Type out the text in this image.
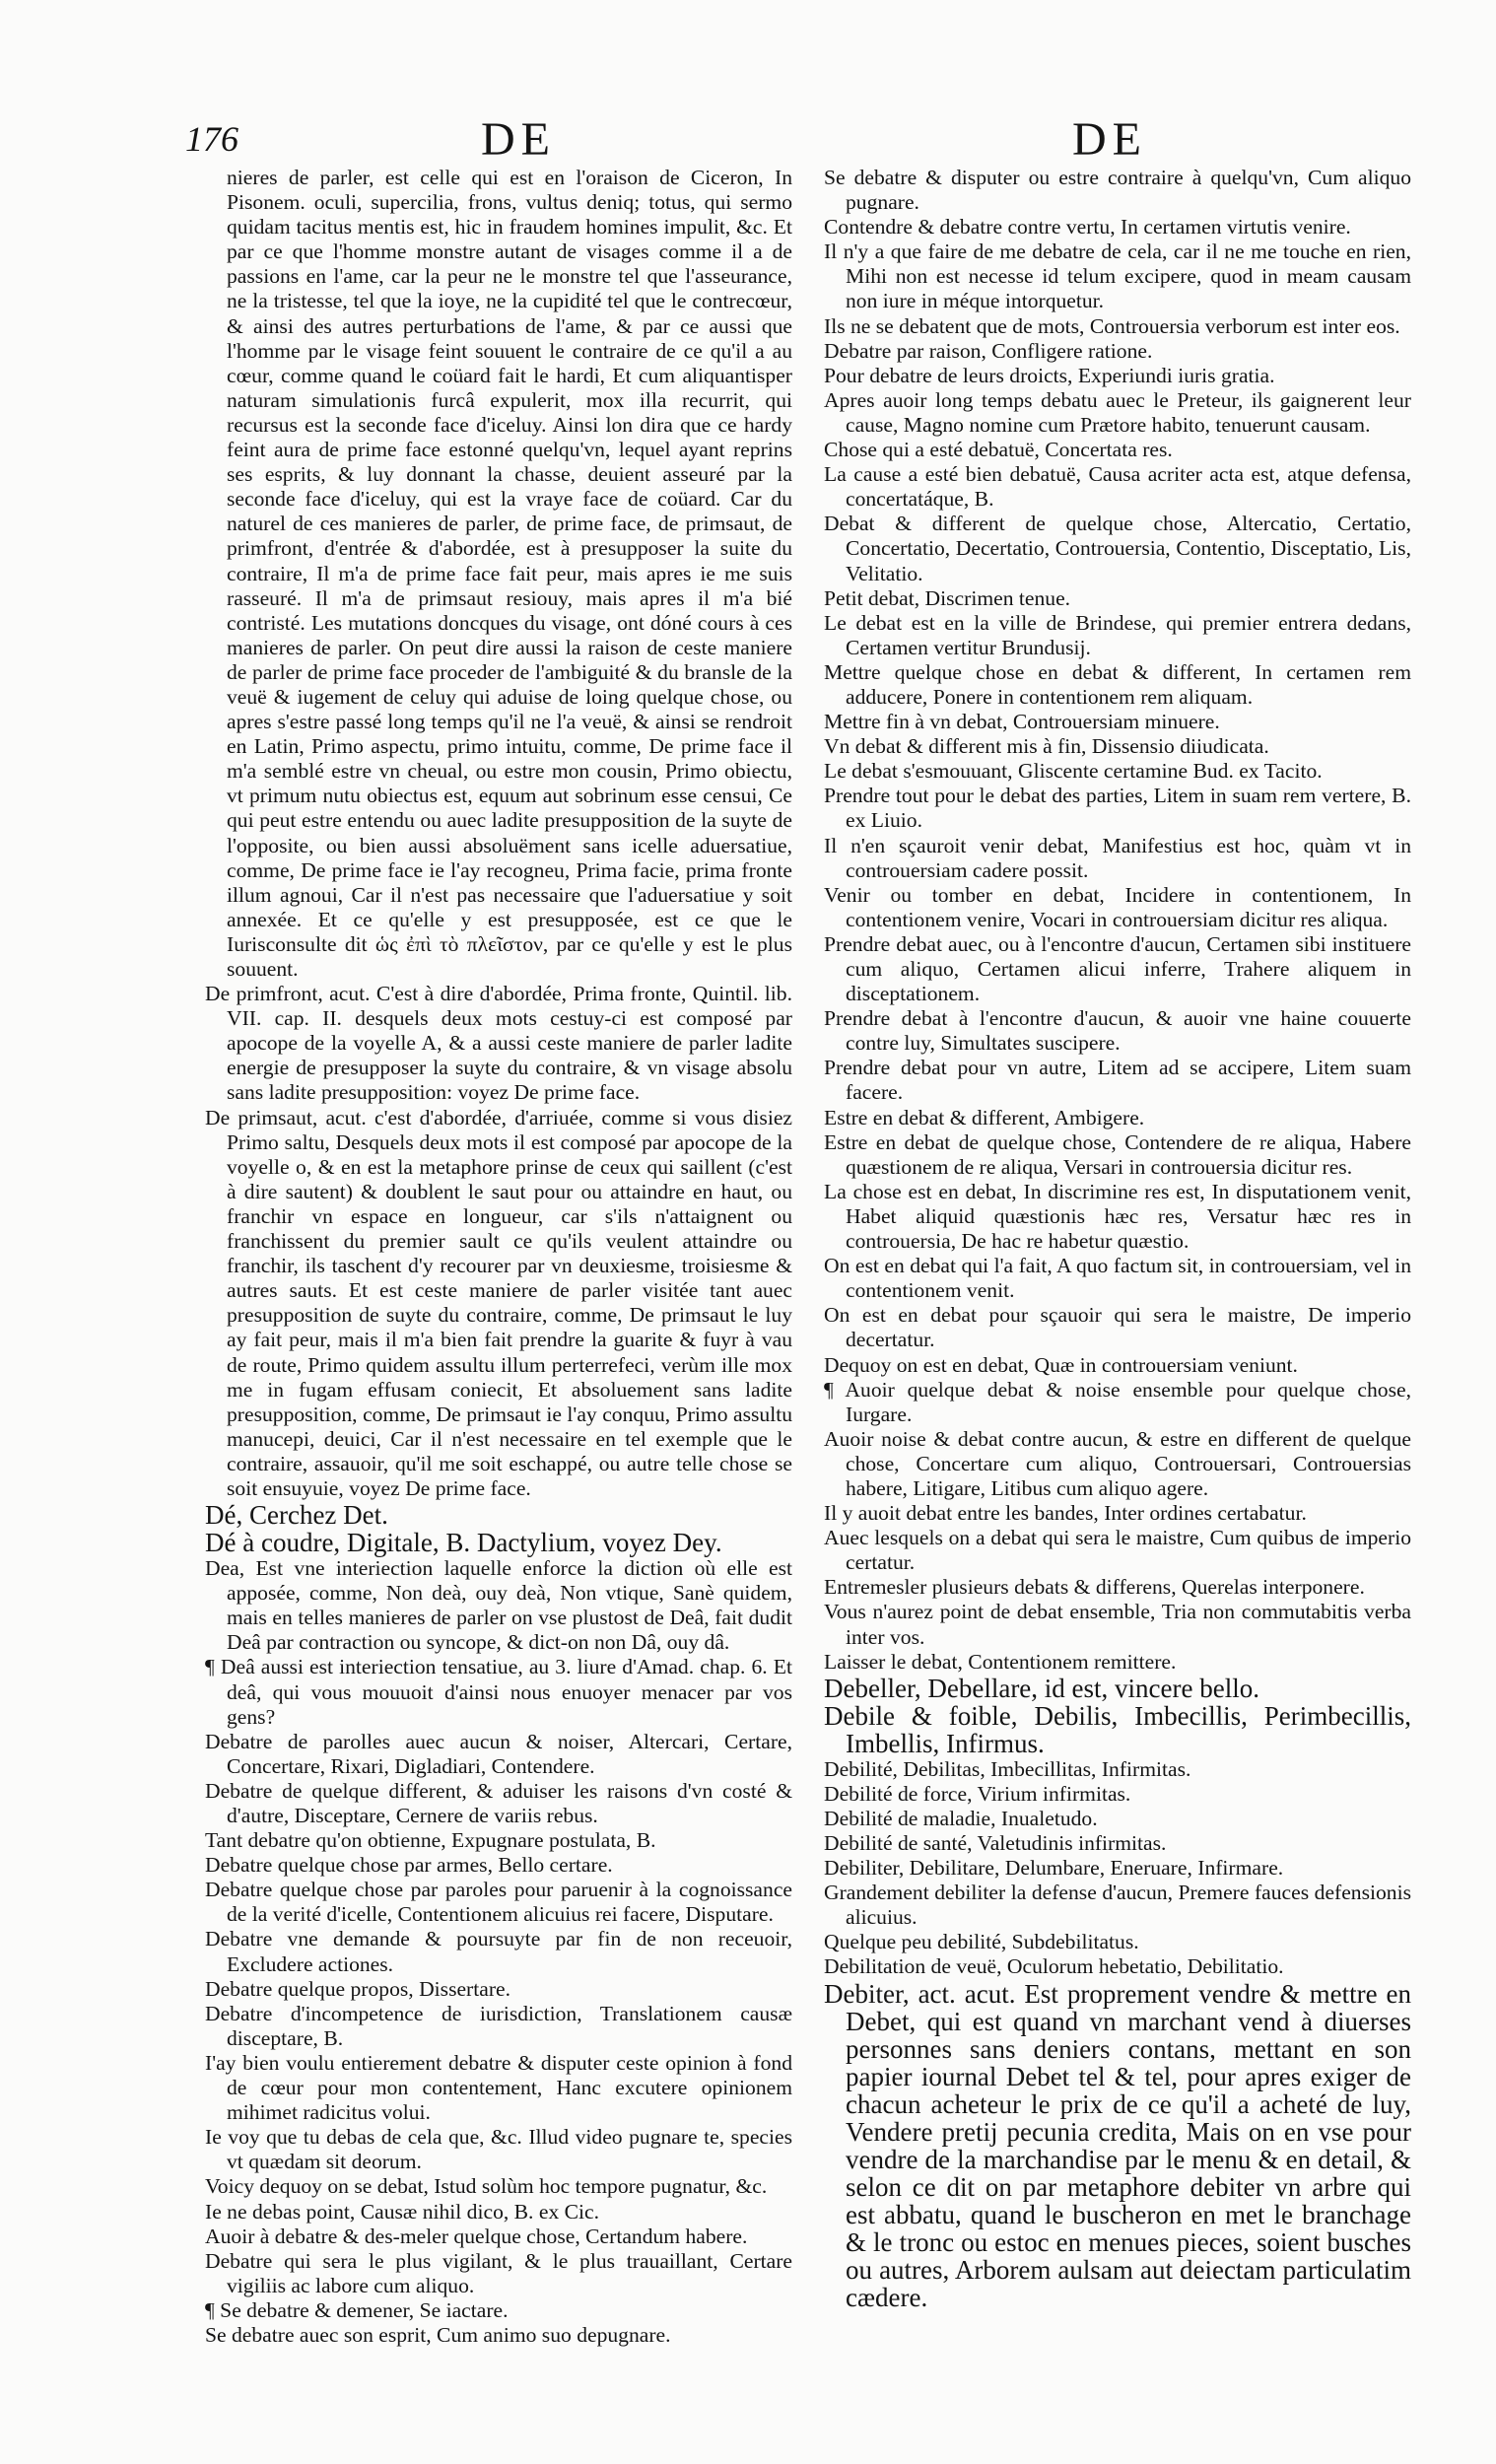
176	DE	DE

nieres de parler, est celle qui est en l'oraison de Ciceron, In Pisonem. oculi, supercilia, frons, vultus deniq; totus, qui sermo quidam tacitus mentis est, hic in fraudem homines impulit, &c. Et par ce que l'homme monstre autant de visages comme il a de passions en l'ame, car la peur ne le monstre tel que l'asseurance, ne la tristesse, tel que la ioye, ne la cupidité tel que le contrecœur, & ainsi des autres perturbations de l'ame, & par ce aussi que l'homme par le visage feint souuent le contraire de ce qu'il a au cœur, comme quand le coüard fait le hardi, Et cum aliquantisper naturam simulationis furcâ expulerit, mox illa recurrit, qui recursus est la seconde face d'iceluy. Ainsi lon dira que ce hardy feint aura de prime face estonné quelqu'vn, lequel ayant reprins ses esprits, & luy donnant la chasse, deuient asseuré par la seconde face d'iceluy, qui est la vraye face de coüard. Car du naturel de ces manieres de parler, de prime face, de primsaut, de primfront, d'entrée & d'abordée, est à presupposer la suite du contraire, Il m'a de prime face fait peur, mais apres ie me suis rasseuré. Il m'a de primsaut resiouy, mais apres il m'a bié contristé. Les mutations doncques du visage, ont dóné cours à ces manieres de parler. On peut dire aussi la raison de ceste maniere de parler de prime face proceder de l'ambiguité & du bransle de la veuë & iugement de celuy qui aduise de loing quelque chose, ou apres s'estre passé long temps qu'il ne l'a veuë, & ainsi se rendroit en Latin, Primo aspectu, primo intuitu, comme, De prime face il m'a semblé estre vn cheual, ou estre mon cousin, Primo obiectu, vt primum nutu obiectus est, equum aut sobrinum esse censui, Ce qui peut estre entendu ou auec ladite presupposition de la suyte de l'opposite, ou bien aussi absoluëment sans icelle aduersatiue, comme, De prime face ie l'ay recogneu, Prima facie, prima fronte illum agnoui, Car il n'est pas necessaire que l'aduersatiue y soit annexée. Et ce qu'elle y est presupposée, est ce que le Iurisconsulte dit ὡς ἐπὶ τὸ πλεῖστον, par ce qu'elle y est le plus souuent.

De primfront, acut. C'est à dire d'abordée, Prima fronte, Quintil. lib. VII. cap. II. desquels deux mots cestuy-ci est composé par apocope de la voyelle A, & a aussi ceste maniere de parler ladite energie de presupposer la suyte du contraire, & vn visage absolu sans ladite presupposition: voyez De prime face.

De primsaut, acut. c'est d'abordée, d'arriuée, comme si vous disiez Primo saltu, Desquels deux mots il est composé par apocope de la voyelle o, & en est la metaphore prinse de ceux qui saillent (c'est à dire sautent) & doublent le saut pour ou attaindre en haut, ou franchir vn espace en longueur, car s'ils n'attaignent ou franchissent du premier sault ce qu'ils veulent attaindre ou franchir, ils taschent d'y recourer par vn deuxiesme, troisiesme & autres sauts. Et est ceste maniere de parler visitée tant auec presupposition de suyte du contraire, comme, De primsaut le luy ay fait peur, mais il m'a bien fait prendre la guarite & fuyr à vau de route, Primo quidem assultu illum perterrefeci, verùm ille mox me in fugam effusam coniecit, Et absoluement sans ladite presupposition, comme, De primsaut ie l'ay conquu, Primo assultu manucepi, deuici, Car il n'est necessaire en tel exemple que le contraire, assauoir, qu'il me soit eschappé, ou autre telle chose se soit ensuyuie, voyez De prime face.

Dé, Cerchez Det.

Dé à coudre, Digitale, B. Dactylium, voyez Dey.

Dea, Est vne interiection laquelle enforce la diction où elle est apposée, comme, Non deà, ouy deà, Non vtique, Sanè quidem, mais en telles manieres de parler on vse plustost de Deâ, fait dudit Deâ par contraction ou syncope, & dict-on non Dâ, ouy dâ.

¶ Deâ aussi est interiection tensatiue, au 3. liure d'Amad. chap. 6. Et deâ, qui vous mouuoit d'ainsi nous enuoyer menacer par vos gens?

Debatre de parolles auec aucun & noiser, Altercari, Certare, Concertare, Rixari, Digladiari, Contendere.

Debatre de quelque different, & aduiser les raisons d'vn costé & d'autre, Disceptare, Cernere de variis rebus.

Tant debatre qu'on obtienne, Expugnare postulata, B.

Debatre quelque chose par armes, Bello certare.

Debatre quelque chose par paroles pour paruenir à la cognoissance de la verité d'icelle, Contentionem alicuius rei facere, Disputare.

Debatre vne demande & poursuyte par fin de non receuoir, Excludere actiones.

Debatre quelque propos, Dissertare.

Debatre d'incompetence de iurisdiction, Translationem causæ disceptare, B.

I'ay bien voulu entierement debatre & disputer ceste opinion à fond de cœur pour mon contentement, Hanc excutere opinionem mihimet radicitus volui.

Ie voy que tu debas de cela que, &c. Illud video pugnare te, species vt quædam sit deorum.

Voicy dequoy on se debat, Istud solùm hoc tempore pugnatur, &c.

Ie ne debas point, Causæ nihil dico, B. ex Cic.

Auoir à debatre & des-meler quelque chose, Certandum habere.

Debatre qui sera le plus vigilant, & le plus trauaillant, Certare vigiliis ac labore cum aliquo.

¶ Se debatre & demener, Se iactare.

Se debatre auec son esprit, Cum animo suo depugnare.

Se debatre & disputer ou estre contraire à quelqu'vn, Cum aliquo pugnare.

Contendre & debatre contre vertu, In certamen virtutis venire.

Il n'y a que faire de me debatre de cela, car il ne me touche en rien, Mihi non est necesse id telum excipere, quod in meam causam non iure in méque intorquetur.

Ils ne se debatent que de mots, Controuersia verborum est inter eos.

Debatre par raison, Confligere ratione.

Pour debatre de leurs droicts, Experiundi iuris gratia.

Apres auoir long temps debatu auec le Preteur, ils gaignerent leur cause, Magno nomine cum Prætore habito, tenuerunt causam.

Chose qui a esté debatuë, Concertata res.

La cause a esté bien debatuë, Causa acriter acta est, atque defensa, concertatáque, B.

Debat & different de quelque chose, Altercatio, Certatio, Concertatio, Decertatio, Controuersia, Contentio, Disceptatio, Lis, Velitatio.

Petit debat, Discrimen tenue.

Le debat est en la ville de Brindese, qui premier entrera dedans, Certamen vertitur Brundusij.

Mettre quelque chose en debat & different, In certamen rem adducere, Ponere in contentionem rem aliquam.

Mettre fin à vn debat, Controuersiam minuere.

Vn debat & different mis à fin, Dissensio diiudicata.

Le debat s'esmouuant, Gliscente certamine Bud. ex Tacito.

Prendre tout pour le debat des parties, Litem in suam rem vertere, B. ex Liuio.

Il n'en sçauroit venir debat, Manifestius est hoc, quàm vt in controuersiam cadere possit.

Venir ou tomber en debat, Incidere in contentionem, In contentionem venire, Vocari in controuersiam dicitur res aliqua.

Prendre debat auec, ou à l'encontre d'aucun, Certamen sibi instituere cum aliquo, Certamen alicui inferre, Trahere aliquem in disceptationem.

Prendre debat à l'encontre d'aucun, & auoir vne haine couuerte contre luy, Simultates suscipere.

Prendre debat pour vn autre, Litem ad se accipere, Litem suam facere.

Estre en debat & different, Ambigere.

Estre en debat de quelque chose, Contendere de re aliqua, Habere quæstionem de re aliqua, Versari in controuersia dicitur res.

La chose est en debat, In discrimine res est, In disputationem venit, Habet aliquid quæstionis hæc res, Versatur hæc res in controuersia, De hac re habetur quæstio.

On est en debat qui l'a fait, A quo factum sit, in controuersiam, vel in contentionem venit.

On est en debat pour sçauoir qui sera le maistre, De imperio decertatur.

Dequoy on est en debat, Quæ in controuersiam veniunt.

¶ Auoir quelque debat & noise ensemble pour quelque chose, Iurgare.

Auoir noise & debat contre aucun, & estre en different de quelque chose, Concertare cum aliquo, Controuersari, Controuersias habere, Litigare, Litibus cum aliquo agere.

Il y auoit debat entre les bandes, Inter ordines certabatur.

Auec lesquels on a debat qui sera le maistre, Cum quibus de imperio certatur.

Entremesler plusieurs debats & differens, Querelas interponere.

Vous n'aurez point de debat ensemble, Tria non commutabitis verba inter vos.

Laisser le debat, Contentionem remittere.

Debeller, Debellare, id est, vincere bello.

Debile & foible, Debilis, Imbecillis, Perimbecillis, Imbellis, Infirmus.

Debilité, Debilitas, Imbecillitas, Infirmitas.

Debilité de force, Virium infirmitas.

Debilité de maladie, Inualetudo.

Debilité de santé, Valetudinis infirmitas.

Debiliter, Debilitare, Delumbare, Eneruare, Infirmare.

Grandement debiliter la defense d'aucun, Premere fauces defensionis alicuius.

Quelque peu debilité, Subdebilitatus.

Debilitation de veuë, Oculorum hebetatio, Debilitatio.

Debiter, act. acut. Est proprement vendre & mettre en Debet, qui est quand vn marchant vend à diuerses personnes sans deniers contans, mettant en son papier iournal Debet tel & tel, pour apres exiger de chacun acheteur le prix de ce qu'il a acheté de luy, Vendere pretij pecunia credita, Mais on en vse pour vendre de la marchandise par le menu & en detail, & selon ce dit on par metaphore debiter vn arbre qui est abbatu, quand le buscheron en met le branchage & le tronc ou estoc en menues pieces, soient busches ou autres, Arborem aulsam aut deiectam particulatim cædere.
